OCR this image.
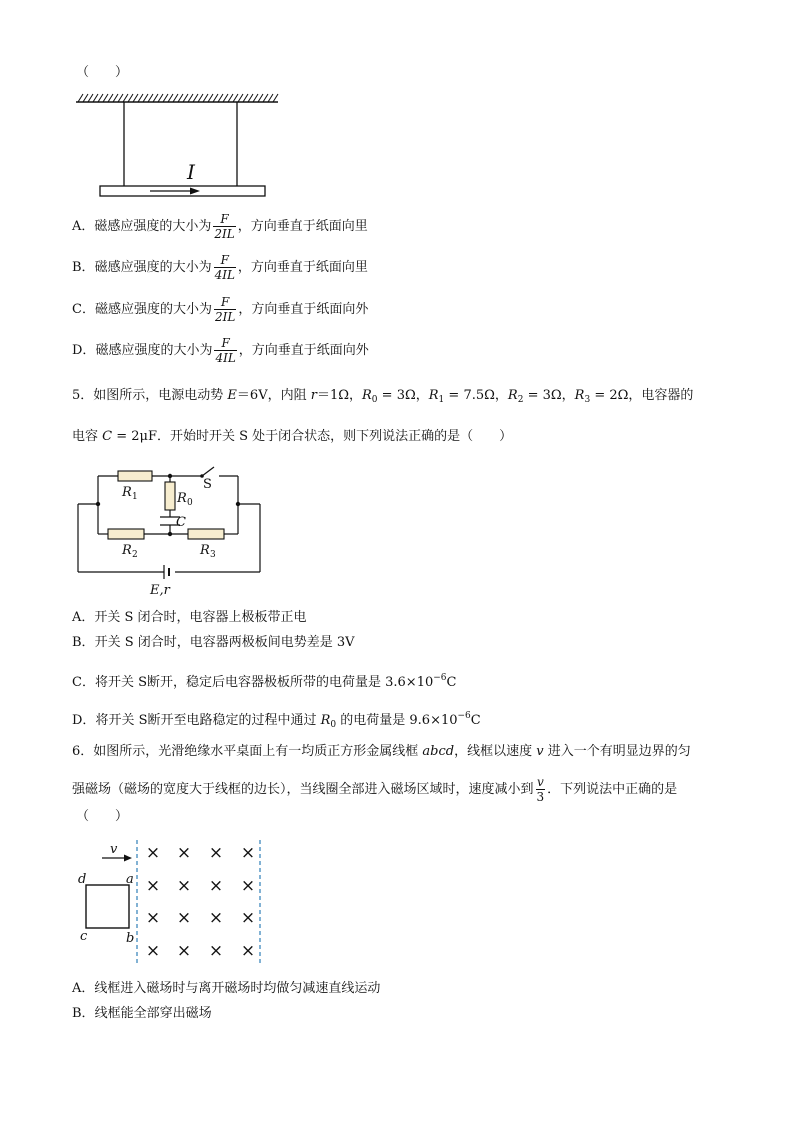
（　　）
I
A．磁感应强度的大小为 $\frac{F}{2IL}$ ，方向垂直于纸面向里
B．磁感应强度的大小为 $\frac{F}{4IL}$ ，方向垂直于纸面向里
C．磁感应强度的大小为 $\frac{F}{2IL}$ ，方向垂直于纸面向外
D．磁感应强度的大小为 $\frac{F}{4IL}$ ，方向垂直于纸面向外
5．如图所示，电源电动势 E＝6V，内阻 r＝1Ω，$R_0 = 3\Omega$，$R_1 = 7.5\Omega$，$R_2 = 3\Omega$，$R_3 = 2\Omega$，电容器的
电容 C = 2μF．开始时开关 S 处于闭合状态，则下列说法正确的是（　　）
R 1	R 0
C
S
R 2	R 3
E,r
A．开关 S 闭合时，电容器上极板带正电
B．开关 S 闭合时，电容器两极板间电势差是 3V
C．将开关 S断开，稳定后电容器极板所带的电荷量是 $3.6\times 10^{-6}C$
D．将开关 S断开至电路稳定的过程中通过 $R_0$ 的电荷量是 $9.6\times 10^{-6}C$
6．如图所示，光滑绝缘水平桌面上有一均质正方形金属线框 abcd，线框以速度 v 进入一个有明显边界的匀
强磁场（磁场的宽度大于线框的边长），当线圈全部进入磁场区域时，速度减小到 $\frac{v}{3}$ ．下列说法中正确的是
（　　）
v
d	a
c	b
× × × ×
× × × ×
× × × ×
× × × ×
A．线框进入磁场时与离开磁场时均做匀减速直线运动
B．线框能全部穿出磁场
